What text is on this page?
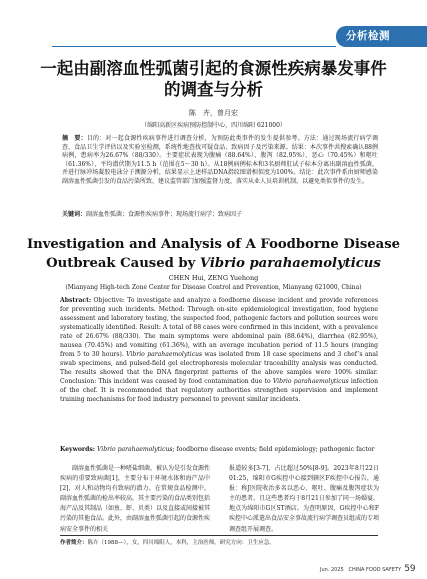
分析检测
一起由副溶血性弧菌引起的食源性疾病暴发事件的调查与分析
陈　卉，曾月宏
（绵阳高新区疾病预防控制中心，四川绵阳 621000）
摘　要：目的：对一起食源性疾病事件进行调查分析，为预防此类事件的发生提供参考。方法：通过现场流行病学调查、食品卫生学评估以及实验室检测，系统性地查找可疑食品、致病因子及污染来源。结果：本次事件共搜索确认88例病例，患病率为26.67%（88/330）。主要症状表现为腹痛（88.64%）、腹泻（82.95%）、恶心（70.45%）和呕吐（61.36%），平均潜伏期为11.5 h（范围在5～30 h）。从18例病例标本和3名厨师肛试子标本分离出副溶血性弧菌，并进行脉冲场凝胶电泳分子溯源分析，结果显示上述样品DNA指纹图谱相似度为100%。结论：此次事件系由厨师感染副溶血性弧菌引发的食品污染所致，建议监管部门加强监督力度，落实从业人员培训机制，以避免类似事件的发生。
关键词：副溶血性弧菌；食源性疾病事件；现场流行病学；致病因子
Investigation and Analysis of A Foodborne Disease Outbreak Caused by Vibrio parahaemolyticus
CHEN Hui, ZENG Yuehong
(Mianyang High-tech Zone Center for Disease Control and Prevention, Mianyang 621000, China)
Abstract: Objective: To investigate and analyze a foodborne disease incident and provide references for preventing such incidents. Method: Through on-site epidemiological investigation, food hygiene assessment and laboratory testing, the suspected food, pathogenic factors and pollution sources were systematically identified. Result: A total of 88 cases were confirmed in this incident, with a prevalence rate of 26.67% (88/330). The main symptoms were abdominal pain (88.64%), diarrhea (82.95%), nausea (70.45%) and vomiting (61.36%), with an average incubation period of 11.5 hours (ranging from 5 to 30 hours). Vibrio parahaemolyticus was isolated from 18 case specimens and 3 chef’s anal swab specimens, and pulsed-field gel electrophoresis molecular traceability analysis was conducted. The results showed that the DNA fingerprint patterns of the above samples were 100% similar. Conclusion: This incident was caused by food contamination due to Vibrio parahaemolyticus infection of the chef. It is recommended that regulatory authorities strengthen supervision and implement training mechanisms for food industry personnel to prevent similar incidents.
Keywords: Vibrio parahaemolyticus; foodborne disease events; field epidemiology; pathogenic factor
副溶血性弧菌是一种嗜盐细菌，被认为是引发食源性疾病的重要致病菌[1]，主要分布于环境水体和海产品中[2]，对人和动物均有致病的潜力。在常规食品检测中，副溶血性弧菌的检出率较高，其主要污染的食品类别包括海产品及其制品（如鱼、虾、贝类）以及直接或间接被其污染的其他食品。此外，由副溶血性弧菌引起的食源性疾病安全事件的相关
报道较多[3-7]，占比超过50%[8-9]。2023年8月22日01:25，绵阳市G疾控中心接到辖区F疾控中心报告，通报：称J医院收治多名以恶心、呕吐、腹痛及腹泻症状为主的患者，且这些患者均于8月21日参加了同一场婚宴，地点为绵阳市G区ST酒店。为查明原因，G疾控中心和F疾控中心派遣出食品安全事故流行病学调查员组成的专项调查组开展调查。
作者简介：陈卉（1988—），女，四川绵阳人，本科，主治医师。研究方向：卫生应急。
Jun. 2025 CHINA FOOD SAFETY 59
